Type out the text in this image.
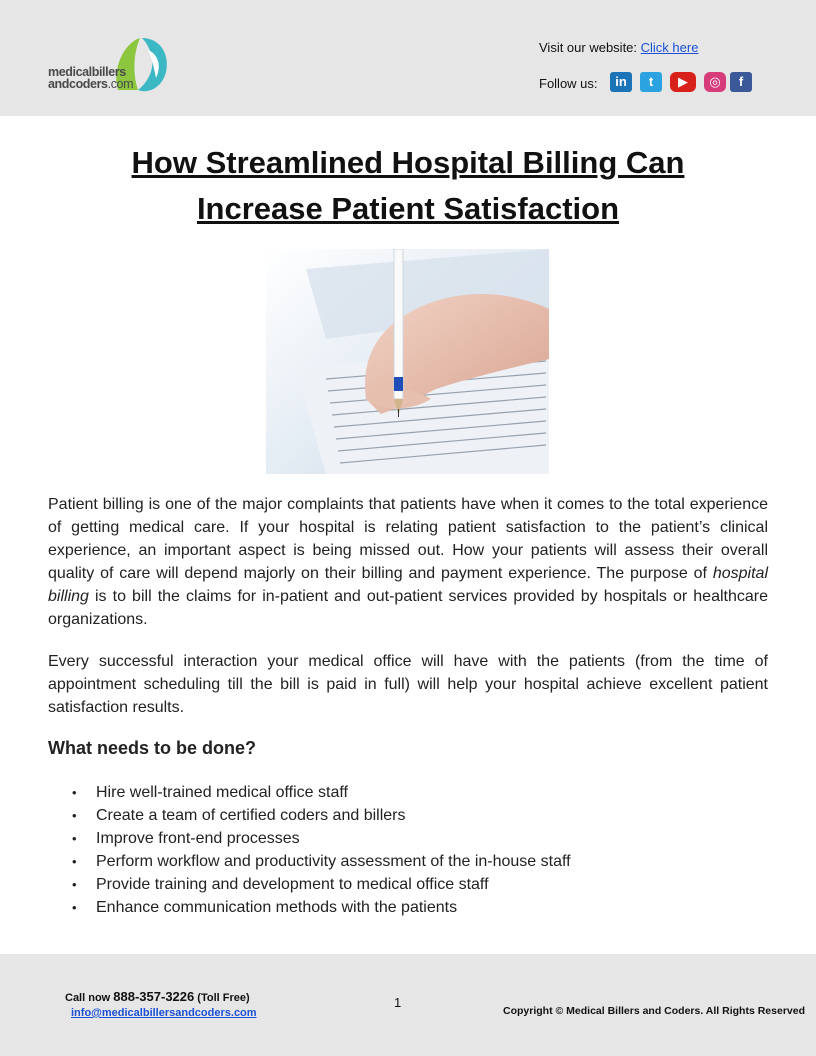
medicalbillers
andcoders.com
Visit our website: Click here
Follow us:	in	t	▶	◎	f
How Streamlined Hospital Billing Can
Increase Patient Satisfaction
Patient billing is one of the major complaints that patients have when it comes to the total experience of getting medical care. If your hospital is relating patient satisfaction to the patient’s clinical experience, an important aspect is being missed out. How your patients will assess their overall quality of care will depend majorly on their billing and payment experience. The purpose of hospital billing is to bill the claims for in-patient and out-patient services provided by hospitals or healthcare organizations.
Every successful interaction your medical office will have with the patients (from the time of appointment scheduling till the bill is paid in full) will help your hospital achieve excellent patient satisfaction results.
What needs to be done?
• Hire well-trained medical office staff
• Create a team of certified coders and billers
• Improve front-end processes
• Perform workflow and productivity assessment of the in-house staff
• Provide training and development to medical office staff
• Enhance communication methods with the patients
Call now 888-357-3226 (Toll Free)
info@medicalbillersandcoders.com
1
Copyright © Medical Billers and Coders. All Rights Reserved
